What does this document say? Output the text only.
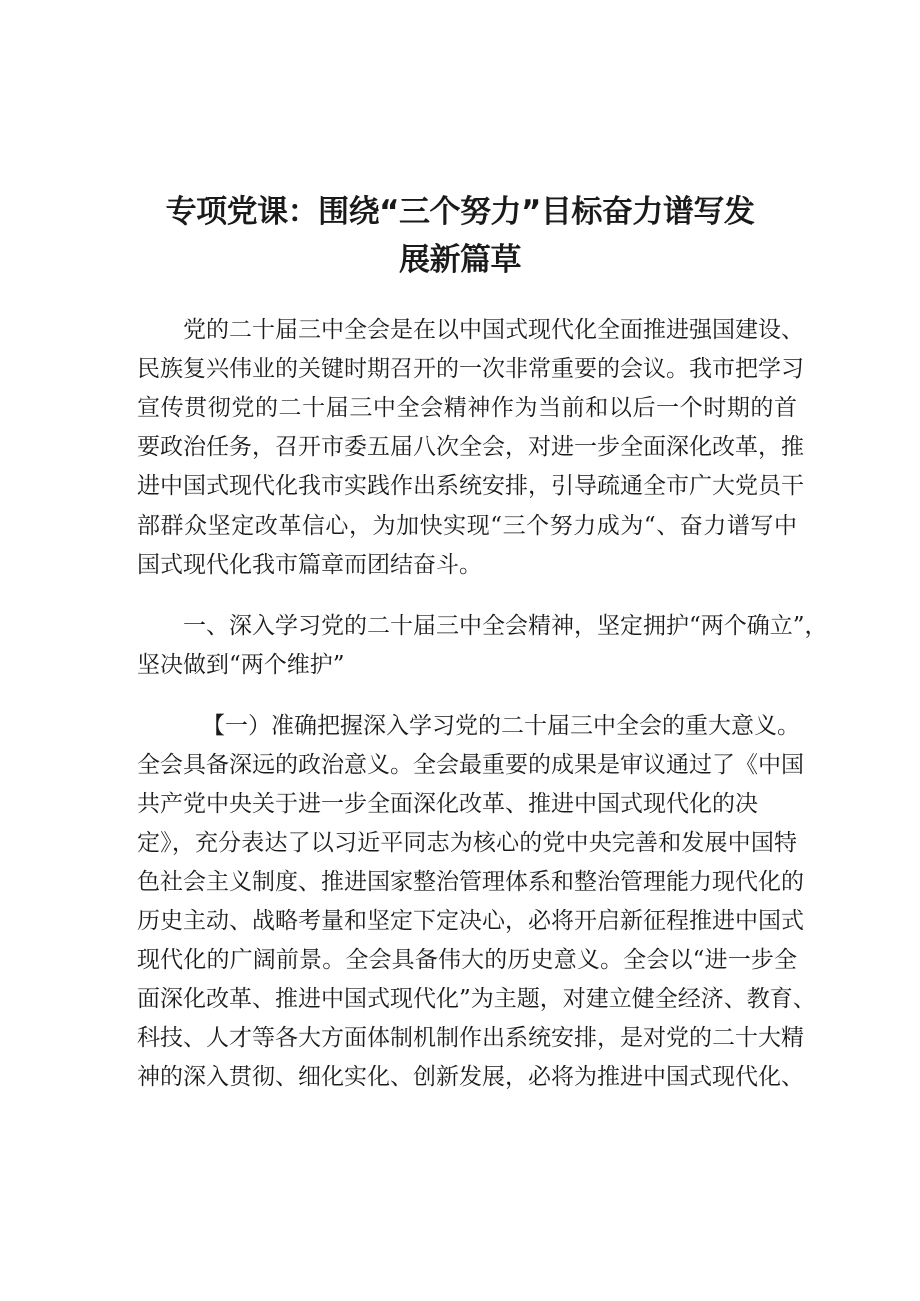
专项党课：围绕“三个努力”目标奋力谱写发
展新篇草
党的二十届三中全会是在以中国式现代化全面推进强国建设、
民族复兴伟业的关键时期召开的一次非常重要的会议。我市把学习
宣传贯彻党的二十届三中全会精神作为当前和以后一个时期的首
要政治任务，召开市委五届八次全会，对进一步全面深化改革，推
进中国式现代化我市实践作出系统安排，引导疏通全市广大党员干
部群众坚定改革信心，为加快实现“三个努力成为“、奋力谱写中
国式现代化我市篇章而团结奋斗。
一、深入学习党的二十届三中全会精神，坚定拥护“两个确立”，
坚决做到“两个维护”
【一）准确把握深入学习党的二十届三中全会的重大意义。
全会具备深远的政治意义。全会最重要的成果是审议通过了《中国
共产党中央关于进一步全面深化改革、推进中国式现代化的决
定》，充分表达了以习近平同志为核心的党中央完善和发展中国特
色社会主义制度、推进国家整治管理体系和整治管理能力现代化的
历史主动、战略考量和坚定下定决心，必将开启新征程推进中国式
现代化的广阔前景。全会具备伟大的历史意义。全会以“进一步全
面深化改革、推进中国式现代化”为主题，对建立健全经济、教育、
科技、人才等各大方面体制机制作出系统安排，是对党的二十大精
神的深入贯彻、细化实化、创新发展，必将为推进中国式现代化、
